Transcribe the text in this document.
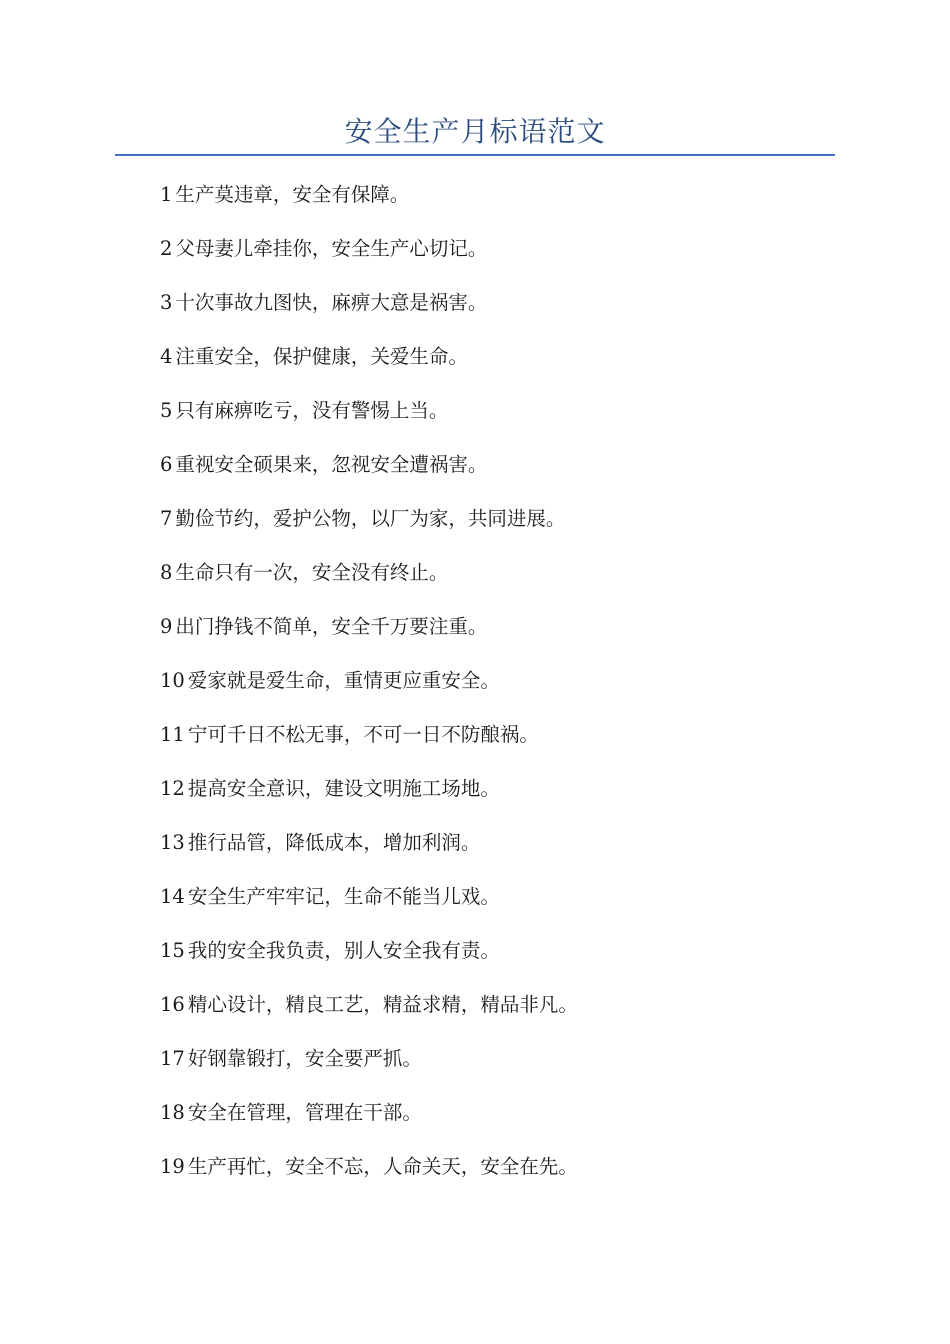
安全生产月标语范文
1 生产莫违章，安全有保障。
2 父母妻儿牵挂你，安全生产心切记。
3 十次事故九图快，麻痹大意是祸害。
4 注重安全，保护健康，关爱生命。
5 只有麻痹吃亏，没有警惕上当。
6 重视安全硕果来，忽视安全遭祸害。
7 勤俭节约，爱护公物，以厂为家，共同进展。
8 生命只有一次，安全没有终止。
9 出门挣钱不简单，安全千万要注重。
10 爱家就是爱生命，重情更应重安全。
11 宁可千日不松无事，不可一日不防酿祸。
12 提高安全意识，建设文明施工场地。
13 推行品管，降低成本，增加利润。
14 安全生产牢牢记，生命不能当儿戏。
15 我的安全我负责，别人安全我有责。
16 精心设计，精良工艺，精益求精，精品非凡。
17 好钢靠锻打，安全要严抓。
18 安全在管理，管理在干部。
19 生产再忙，安全不忘，人命关天，安全在先。
